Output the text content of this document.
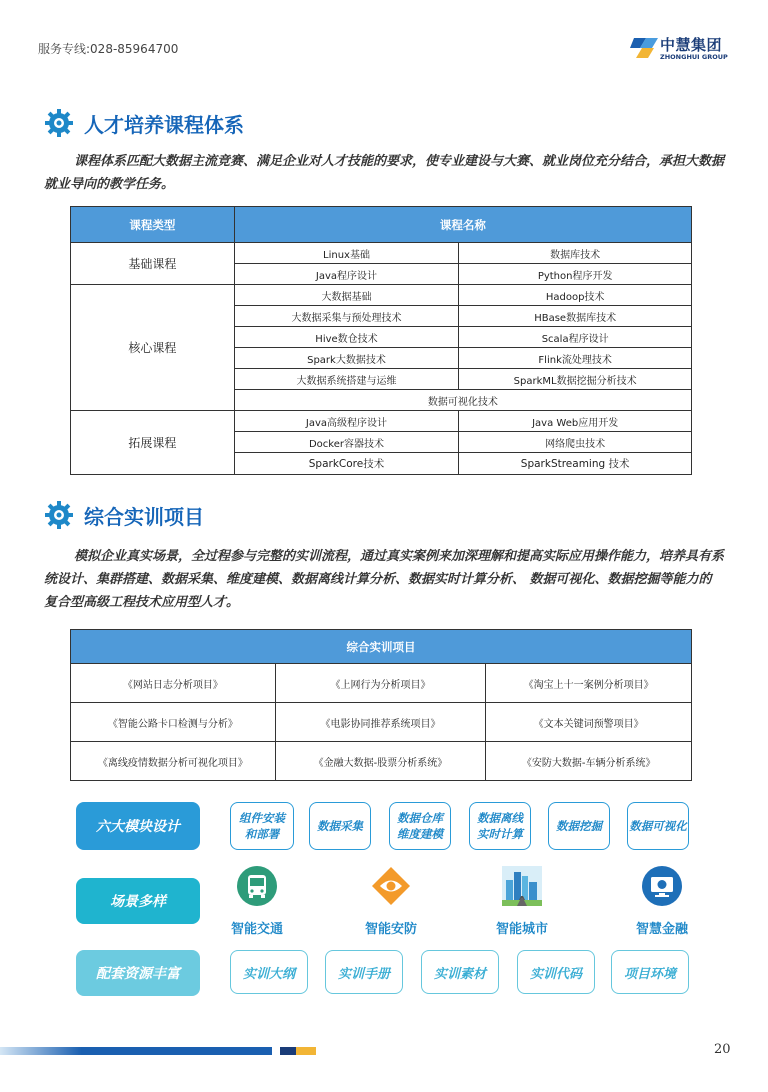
服务专线:028-85964700	中慧集团
ZHONGHUI GROUP
人才培养课程体系
课程体系匹配大数据主流竞赛、满足企业对人才技能的要求，使专业建设与大赛、就业岗位充分结合，承担大数据就业导向的教学任务。
课程类型	课程名称	
基础课程	Linux基础	数据库技术
	Java程序设计	Python程序开发
核心课程	大数据基础	Hadoop技术
	大数据采集与预处理技术	HBase数据库技术
	Hive数仓技术	Scala程序设计
	Spark大数据技术	Flink流处理技术
	大数据系统搭建与运维	SparkML数据挖掘分析技术
	数据可视化技术	
拓展课程	Java高级程序设计	Java Web应用开发
	Docker容器技术	网络爬虫技术
	SparkCore技术	SparkStreaming 技术
综合实训项目
模拟企业真实场景，全过程参与完整的实训流程，通过真实案例来加深理解和提高实际应用操作能力，培养具有系统设计、集群搭建、数据采集、维度建模、数据离线计算分析、数据实时计算分析、 数据可视化、数据挖掘等能力的复合型高级工程技术应用型人才。
综合实训项目		
《网站日志分析项目》	《上网行为分析项目》	《淘宝上十一案例分析项目》
《智能公路卡口检测与分析》	《电影协同推荐系统项目》	《文本关键词预警项目》
《离线疫情数据分析可视化项目》	《金融大数据-股票分析系统》	《安防大数据-车辆分析系统》
六大模块设计
组件安装
和部署
数据采集
数据仓库
维度建模
数据离线
实时计算
数据挖掘 数据可视化
场景多样
智能交通	智能安防	智能城市	智慧金融
配套资源丰富	实训大纲	实训手册	实训素材	实训代码	项目环境
20
